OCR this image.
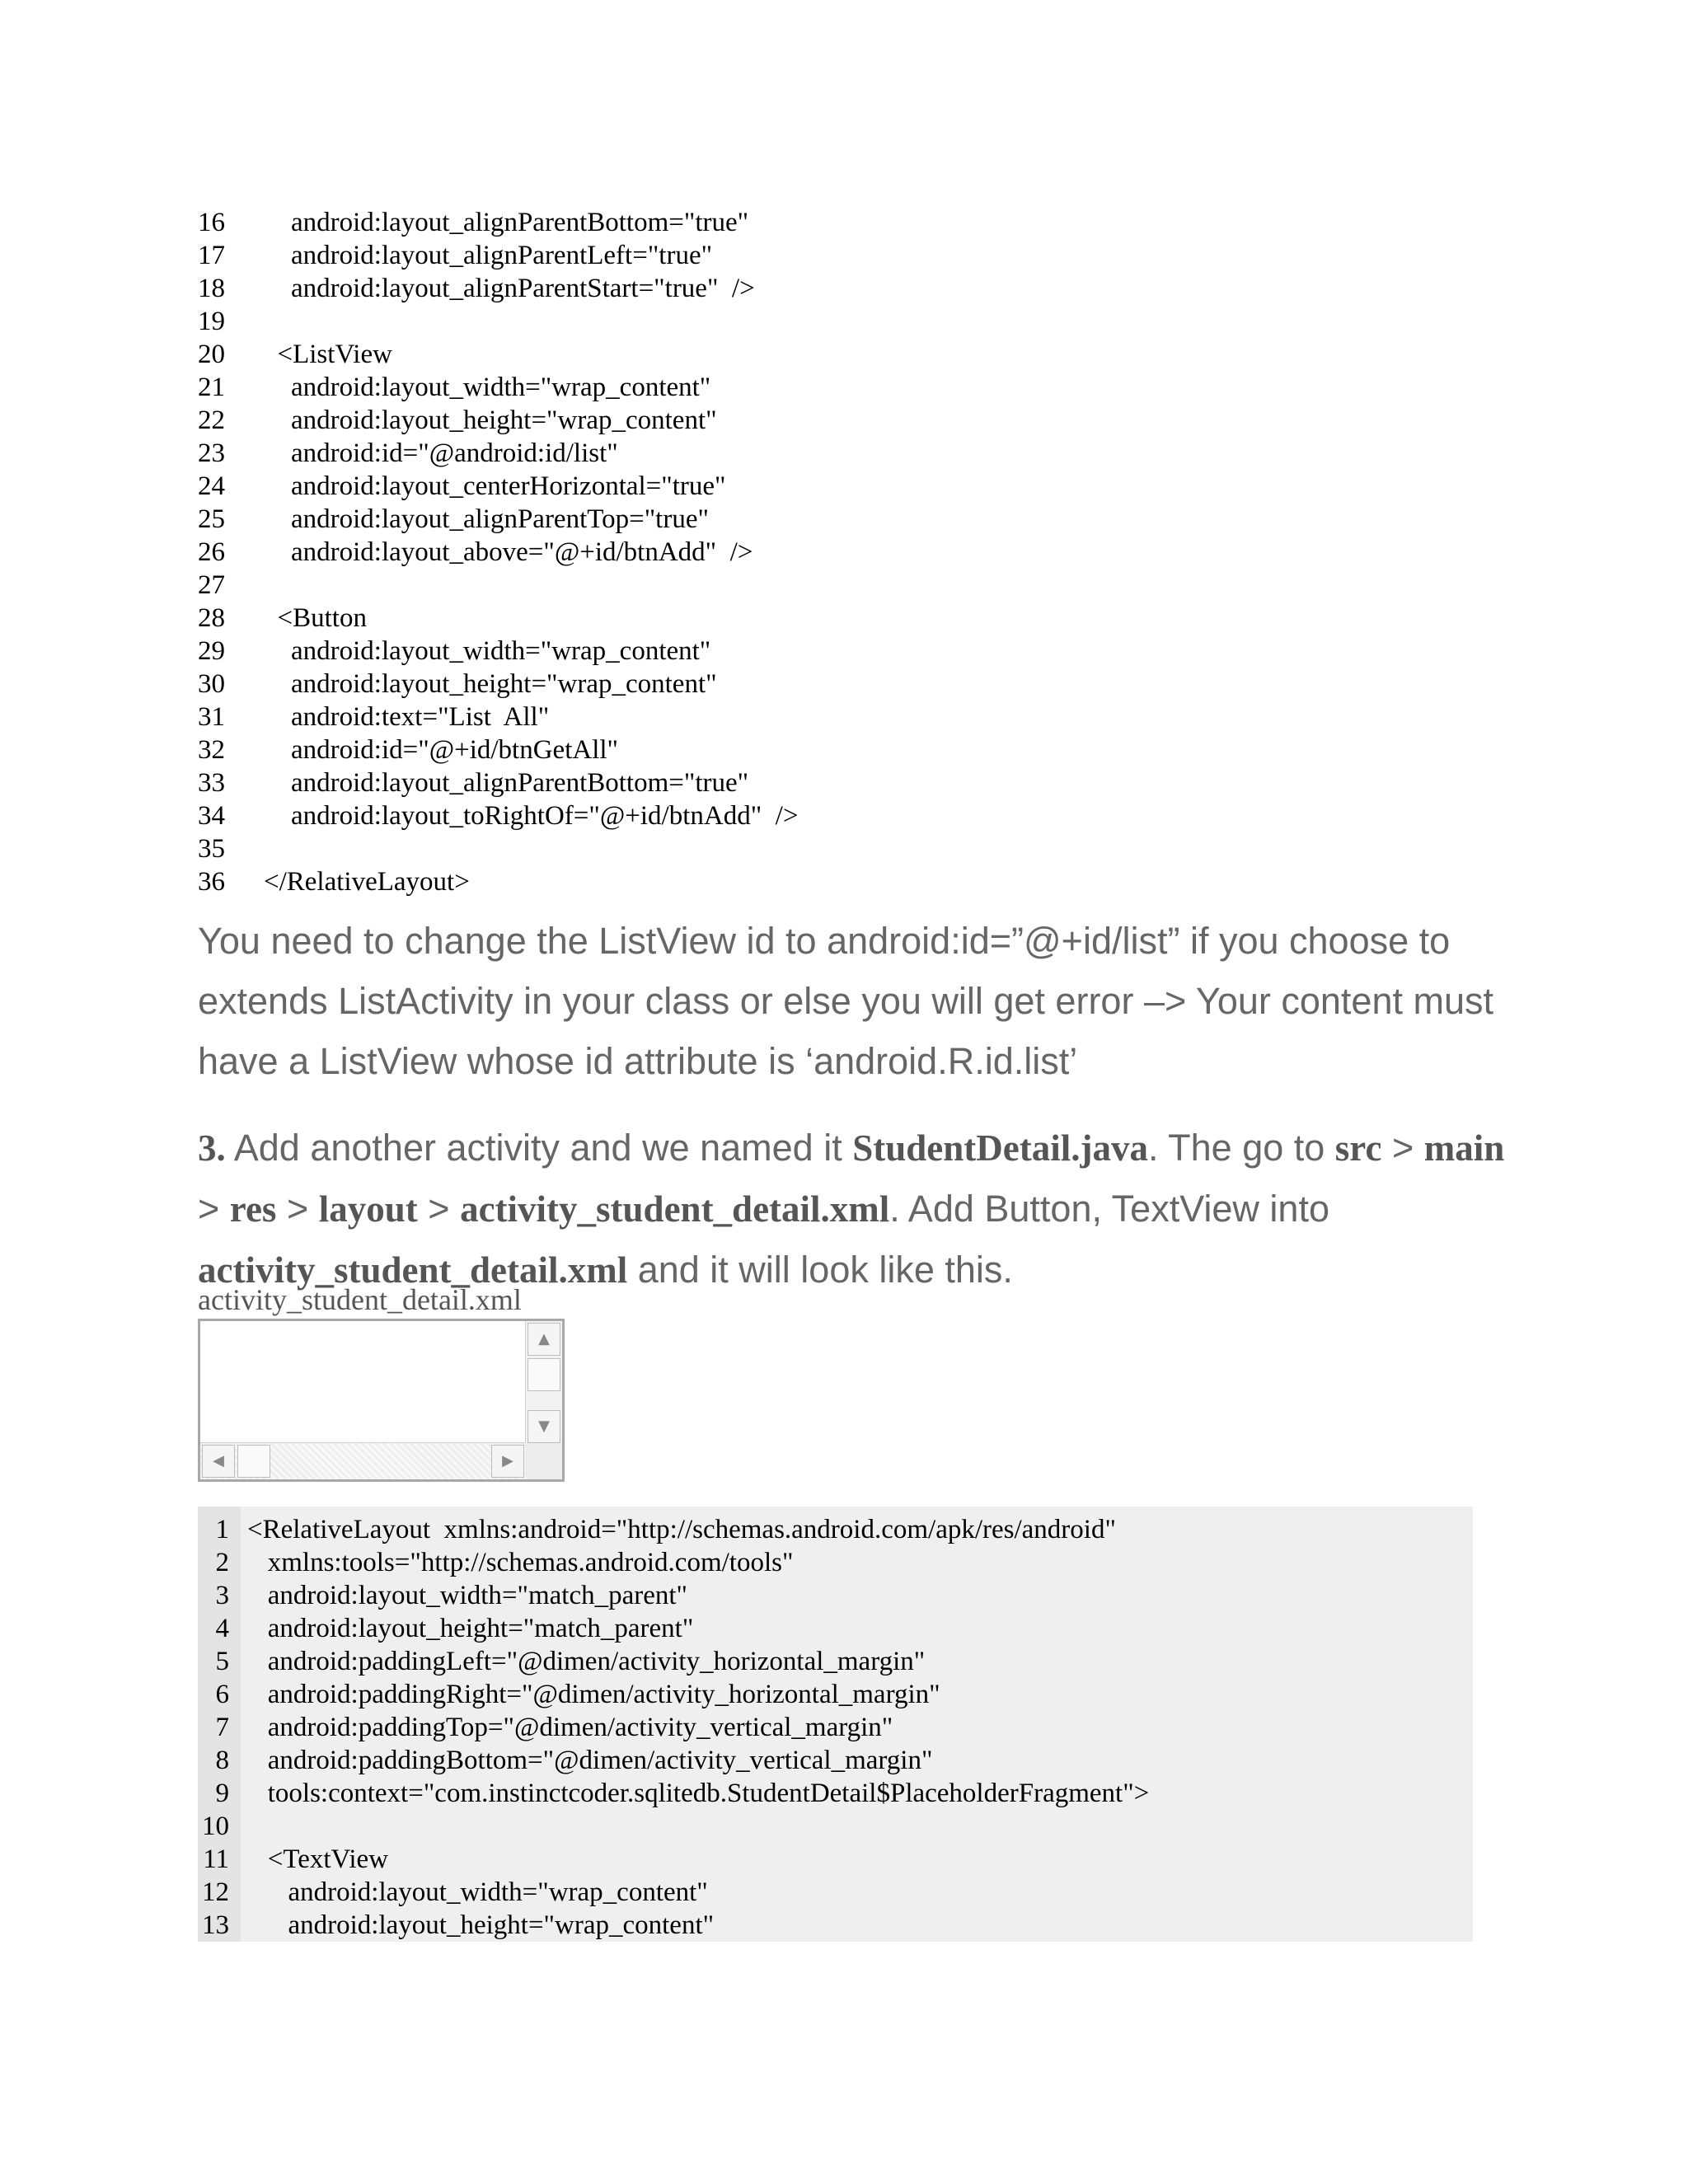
16	android:layout_alignParentBottom="true"
17	android:layout_alignParentLeft="true"
18	android:layout_alignParentStart="true"  />
19
20	<ListView
21	android:layout_width="wrap_content"
22	android:layout_height="wrap_content"
23	android:id="@android:id/list"
24	android:layout_centerHorizontal="true"
25	android:layout_alignParentTop="true"
26	android:layout_above="@+id/btnAdd"  />
27
28	<Button
29	android:layout_width="wrap_content"
30	android:layout_height="wrap_content"
31	android:text="List  All"
32	android:id="@+id/btnGetAll"
33	android:layout_alignParentBottom="true"
34	android:layout_toRightOf="@+id/btnAdd"  />
35
36	</RelativeLayout>
You need to change the ListView id to android:id=”@+id/list” if you choose to extends ListActivity in your class or else you will get error –> Your content must have a ListView whose id attribute is ‘android.R.id.list’
3. Add another activity and we named it StudentDetail.java. The go to src > main > res > layout > activity_student_detail.xml. Add Button, TextView into activity_student_detail.xml and it will look like this.
activity_student_detail.xml
▲
▼
◀	▶
1 <RelativeLayout  xmlns:android="http://schemas.android.com/apk/res/android"
2 xmlns:tools="http://schemas.android.com/tools"
3 android:layout_width="match_parent"
4 android:layout_height="match_parent"
5 android:paddingLeft="@dimen/activity_horizontal_margin"
6 android:paddingRight="@dimen/activity_horizontal_margin"
7 android:paddingTop="@dimen/activity_vertical_margin"
8 android:paddingBottom="@dimen/activity_vertical_margin"
9 tools:context="com.instinctcoder.sqlitedb.StudentDetail$PlaceholderFragment">
10
11 <TextView
12 android:layout_width="wrap_content"
13 android:layout_height="wrap_content"
